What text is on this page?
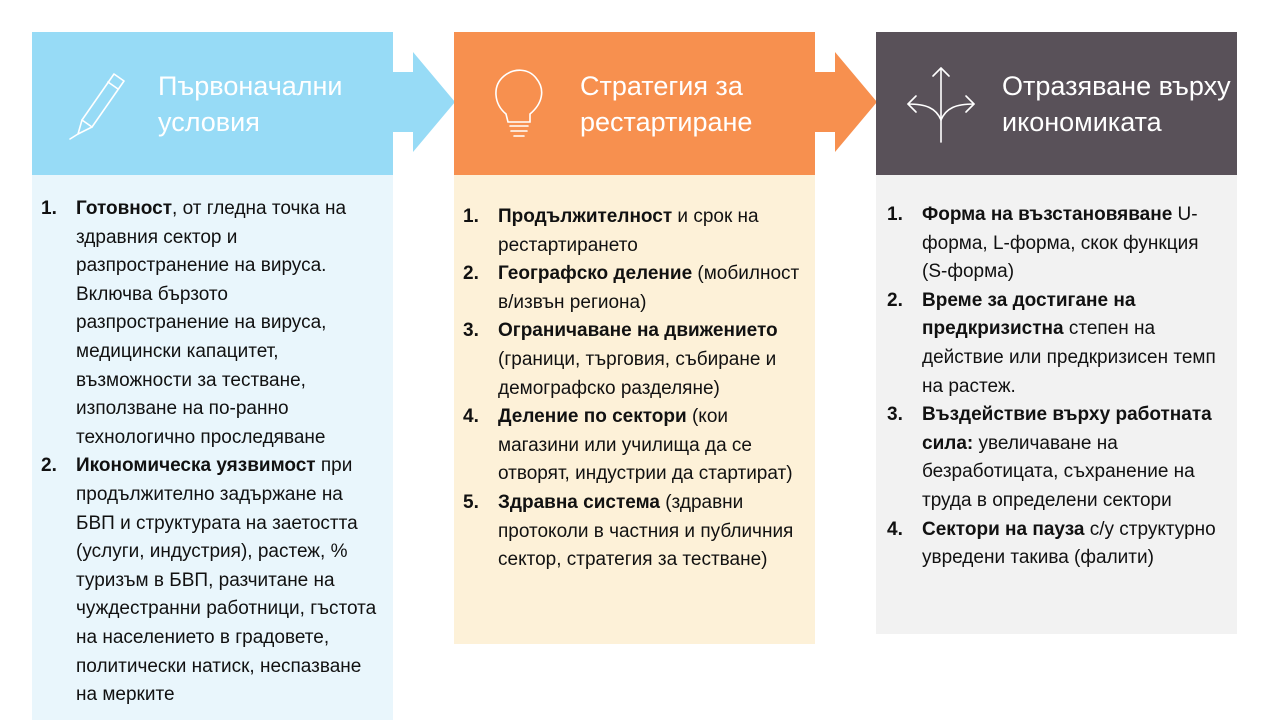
Първоначални
условия
1. Готовност, от гледна точка на здравния сектор и разпространение на вируса. Включва бързото разпространение на вируса, медицински капацитет, възможности за тестване, използване на по-ранно технологично проследяване
2. Икономическа уязвимост при продължително задържане на БВП и структурата на заетостта (услуги, индустрия), растеж, % туризъм в БВП, разчитане на чуждестранни работници, гъстота на населението в градовете, политически натиск, неспазване на мерките
Стратегия за
рестартиране
1. Продължителност и срок на рестартирането
2. Географско деление (мобилност в/извън региона)
3. Ограничаване на движението (граници, търговия, събиране и демографско разделяне)
4. Деление по сектори (кои магазини или училища да се отворят, индустрии да стартират)
5. Здравна система (здравни протоколи в частния и публичния сектор, стратегия за тестване)
Отразяване върху
икономиката
1. Форма на възстановяване U-форма, L-форма, скок функция (S-форма)
2. Време за достигане на предкризистна степен на действие или предкризисен темп на растеж.
3. Въздействие върху работната сила: увеличаване на безработицата, съхранение на труда в определени сектори
4. Сектори на пауза с/у структурно увредени такива (фалити)
